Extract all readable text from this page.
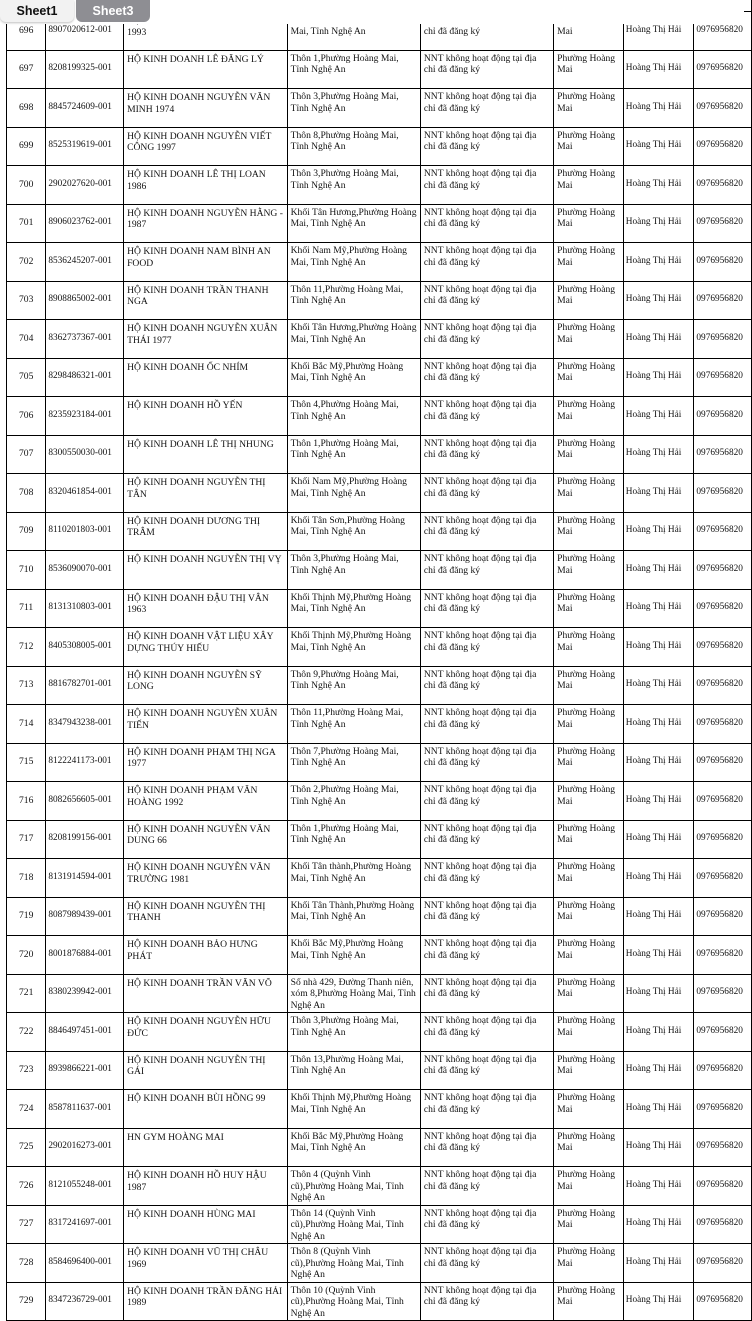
696	8907020612-001	1993	Mai, Tỉnh Nghệ An	chỉ đã đăng ký	Mai	Hoàng Thị Hải	0976956820
697	8208199325-001	HỘ KINH DOANH LÊ ĐĂNG LÝ	Thôn 1,Phường Hoàng Mai, Tỉnh Nghệ An	NNT không hoạt động tại địa chỉ đã đăng ký	Phường Hoàng Mai	Hoàng Thị Hải	0976956820
698	8845724609-001	HỘ KINH DOANH NGUYỄN VĂN MINH 1974	Thôn 3,Phường Hoàng Mai, Tỉnh Nghệ An	NNT không hoạt động tại địa chỉ đã đăng ký	Phường Hoàng Mai	Hoàng Thị Hải	0976956820
699	8525319619-001	HỘ KINH DOANH NGUYỄN VIẾT CÔNG 1997	Thôn 8,Phường Hoàng Mai, Tỉnh Nghệ An	NNT không hoạt động tại địa chỉ đã đăng ký	Phường Hoàng Mai	Hoàng Thị Hải	0976956820
700	2902027620-001	HỘ KINH DOANH LÊ THỊ LOAN 1986	Thôn 3,Phường Hoàng Mai, Tỉnh Nghệ An	NNT không hoạt động tại địa chỉ đã đăng ký	Phường Hoàng Mai	Hoàng Thị Hải	0976956820
701	8906023762-001	HỘ KINH DOANH NGUYỄN HẰNG - 1987	Khối Tân Hương,Phường Hoàng Mai, Tỉnh Nghệ An	NNT không hoạt động tại địa chỉ đã đăng ký	Phường Hoàng Mai	Hoàng Thị Hải	0976956820
702	8536245207-001	HỘ KINH DOANH NAM BÌNH AN FOOD	Khối Nam Mỹ,Phường Hoàng Mai, Tỉnh Nghệ An	NNT không hoạt động tại địa chỉ đã đăng ký	Phường Hoàng Mai	Hoàng Thị Hải	0976956820
703	8908865002-001	HỘ KINH DOANH TRẦN THANH NGA	Thôn 11,Phường Hoàng Mai, Tỉnh Nghệ An	NNT không hoạt động tại địa chỉ đã đăng ký	Phường Hoàng Mai	Hoàng Thị Hải	0976956820
704	8362737367-001	HỘ KINH DOANH NGUYỄN XUÂN THÁI 1977	Khối Tân Hương,Phường Hoàng Mai, Tỉnh Nghệ An	NNT không hoạt động tại địa chỉ đã đăng ký	Phường Hoàng Mai	Hoàng Thị Hải	0976956820
705	8298486321-001	HỘ KINH DOANH ỐC NHÍM	Khối Bắc Mỹ,Phường Hoàng Mai, Tỉnh Nghệ An	NNT không hoạt động tại địa chỉ đã đăng ký	Phường Hoàng Mai	Hoàng Thị Hải	0976956820
706	8235923184-001	HỘ KINH DOANH HỒ YẾN	Thôn 4,Phường Hoàng Mai, Tỉnh Nghệ An	NNT không hoạt động tại địa chỉ đã đăng ký	Phường Hoàng Mai	Hoàng Thị Hải	0976956820
707	8300550030-001	HỘ KINH DOANH LÊ THỊ NHUNG	Thôn 1,Phường Hoàng Mai, Tỉnh Nghệ An	NNT không hoạt động tại địa chỉ đã đăng ký	Phường Hoàng Mai	Hoàng Thị Hải	0976956820
708	8320461854-001	HỘ KINH DOANH NGUYỄN THỊ TÂN	Khối Nam Mỹ,Phường Hoàng Mai, Tỉnh Nghệ An	NNT không hoạt động tại địa chỉ đã đăng ký	Phường Hoàng Mai	Hoàng Thị Hải	0976956820
709	8110201803-001	HỘ KINH DOANH DƯƠNG THỊ TRÂM	Khối Tân Sơn,Phường Hoàng Mai, Tỉnh Nghệ An	NNT không hoạt động tại địa chỉ đã đăng ký	Phường Hoàng Mai	Hoàng Thị Hải	0976956820
710	8536090070-001	HỘ KINH DOANH NGUYỄN THỊ VỴ	Thôn 3,Phường Hoàng Mai, Tỉnh Nghệ An	NNT không hoạt động tại địa chỉ đã đăng ký	Phường Hoàng Mai	Hoàng Thị Hải	0976956820
711	8131310803-001	HỘ KINH DOANH ĐẬU THỊ VÂN 1963	Khối Thịnh Mỹ,Phường Hoàng Mai, Tỉnh Nghệ An	NNT không hoạt động tại địa chỉ đã đăng ký	Phường Hoàng Mai	Hoàng Thị Hải	0976956820
712	8405308005-001	HỘ KINH DOANH VẬT LIỆU XÂY DỰNG THÚY HIẾU	Khối Thịnh Mỹ,Phường Hoàng Mai, Tỉnh Nghệ An	NNT không hoạt động tại địa chỉ đã đăng ký	Phường Hoàng Mai	Hoàng Thị Hải	0976956820
713	8816782701-001	HỘ KINH DOANH NGUYỄN SỸ LONG	Thôn 9,Phường Hoàng Mai, Tỉnh Nghệ An	NNT không hoạt động tại địa chỉ đã đăng ký	Phường Hoàng Mai	Hoàng Thị Hải	0976956820
714	8347943238-001	HỘ KINH DOANH NGUYỄN XUÂN TIẾN	Thôn 11,Phường Hoàng Mai, Tỉnh Nghệ An	NNT không hoạt động tại địa chỉ đã đăng ký	Phường Hoàng Mai	Hoàng Thị Hải	0976956820
715	8122241173-001	HỘ KINH DOANH PHẠM THỊ NGA 1977	Thôn 7,Phường Hoàng Mai, Tỉnh Nghệ An	NNT không hoạt động tại địa chỉ đã đăng ký	Phường Hoàng Mai	Hoàng Thị Hải	0976956820
716	8082656605-001	HỘ KINH DOANH PHẠM VĂN HOÀNG 1992	Thôn 2,Phường Hoàng Mai, Tỉnh Nghệ An	NNT không hoạt động tại địa chỉ đã đăng ký	Phường Hoàng Mai	Hoàng Thị Hải	0976956820
717	8208199156-001	HỘ KINH DOANH NGUYỄN VĂN DUNG 66	Thôn 1,Phường Hoàng Mai, Tỉnh Nghệ An	NNT không hoạt động tại địa chỉ đã đăng ký	Phường Hoàng Mai	Hoàng Thị Hải	0976956820
718	8131914594-001	HỘ KINH DOANH NGUYỄN VĂN TRƯỜNG 1981	Khối Tân thành,Phường Hoàng Mai, Tỉnh Nghệ An	NNT không hoạt động tại địa chỉ đã đăng ký	Phường Hoàng Mai	Hoàng Thị Hải	0976956820
719	8087989439-001	HỘ KINH DOANH NGUYỄN THỊ THANH	Khối Tân Thành,Phường Hoàng Mai, Tỉnh Nghệ An	NNT không hoạt động tại địa chỉ đã đăng ký	Phường Hoàng Mai	Hoàng Thị Hải	0976956820
720	8001876884-001	HỘ KINH DOANH BẢO HƯNG PHÁT	Khối Bắc Mỹ,Phường Hoàng Mai, Tỉnh Nghệ An	NNT không hoạt động tại địa chỉ đã đăng ký	Phường Hoàng Mai	Hoàng Thị Hải	0976956820
721	8380239942-001	HỘ KINH DOANH TRẦN VĂN VÕ	Số nhà 429, Đường Thanh niên, xóm 8,Phường Hoàng Mai, Tỉnh Nghệ An	NNT không hoạt động tại địa chỉ đã đăng ký	Phường Hoàng Mai	Hoàng Thị Hải	0976956820
722	8846497451-001	HỘ KINH DOANH NGUYỄN HỮU ĐỨC	Thôn 3,Phường Hoàng Mai, Tỉnh Nghệ An	NNT không hoạt động tại địa chỉ đã đăng ký	Phường Hoàng Mai	Hoàng Thị Hải	0976956820
723	8939866221-001	HỘ KINH DOANH NGUYỄN THỊ GÁI	Thôn 13,Phường Hoàng Mai, Tỉnh Nghệ An	NNT không hoạt động tại địa chỉ đã đăng ký	Phường Hoàng Mai	Hoàng Thị Hải	0976956820
724	8587811637-001	HỘ KINH DOANH BÙI HỒNG 99	Khối Thịnh Mỹ,Phường Hoàng Mai, Tỉnh Nghệ An	NNT không hoạt động tại địa chỉ đã đăng ký	Phường Hoàng Mai	Hoàng Thị Hải	0976956820
725	2902016273-001	HN GYM HOÀNG MAI	Khối Bắc Mỹ,Phường Hoàng Mai, Tỉnh Nghệ An	NNT không hoạt động tại địa chỉ đã đăng ký	Phường Hoàng Mai	Hoàng Thị Hải	0976956820
726	8121055248-001	HỘ KINH DOANH HỒ HUY HẬU 1987	Thôn 4 (Quỳnh Vinh cũ),Phường Hoàng Mai, Tỉnh Nghệ An	NNT không hoạt động tại địa chỉ đã đăng ký	Phường Hoàng Mai	Hoàng Thị Hải	0976956820
727	8317241697-001	HỘ KINH DOANH HÙNG MAI	Thôn 14 (Quỳnh Vinh cũ),Phường Hoàng Mai, Tỉnh Nghệ An	NNT không hoạt động tại địa chỉ đã đăng ký	Phường Hoàng Mai	Hoàng Thị Hải	0976956820
728	8584696400-001	HỘ KINH DOANH VŨ THỊ CHÂU 1969	Thôn 8 (Quỳnh Vinh cũ),Phường Hoàng Mai, Tỉnh Nghệ An	NNT không hoạt động tại địa chỉ đã đăng ký	Phường Hoàng Mai	Hoàng Thị Hải	0976956820
729	8347236729-001	HỘ KINH DOANH TRẦN ĐĂNG HẢI 1989	Thôn 10 (Quỳnh Vinh cũ),Phường Hoàng Mai, Tỉnh Nghệ An	NNT không hoạt động tại địa chỉ đã đăng ký	Phường Hoàng Mai	Hoàng Thị Hải	0976956820
Sheet1	Sheet3
